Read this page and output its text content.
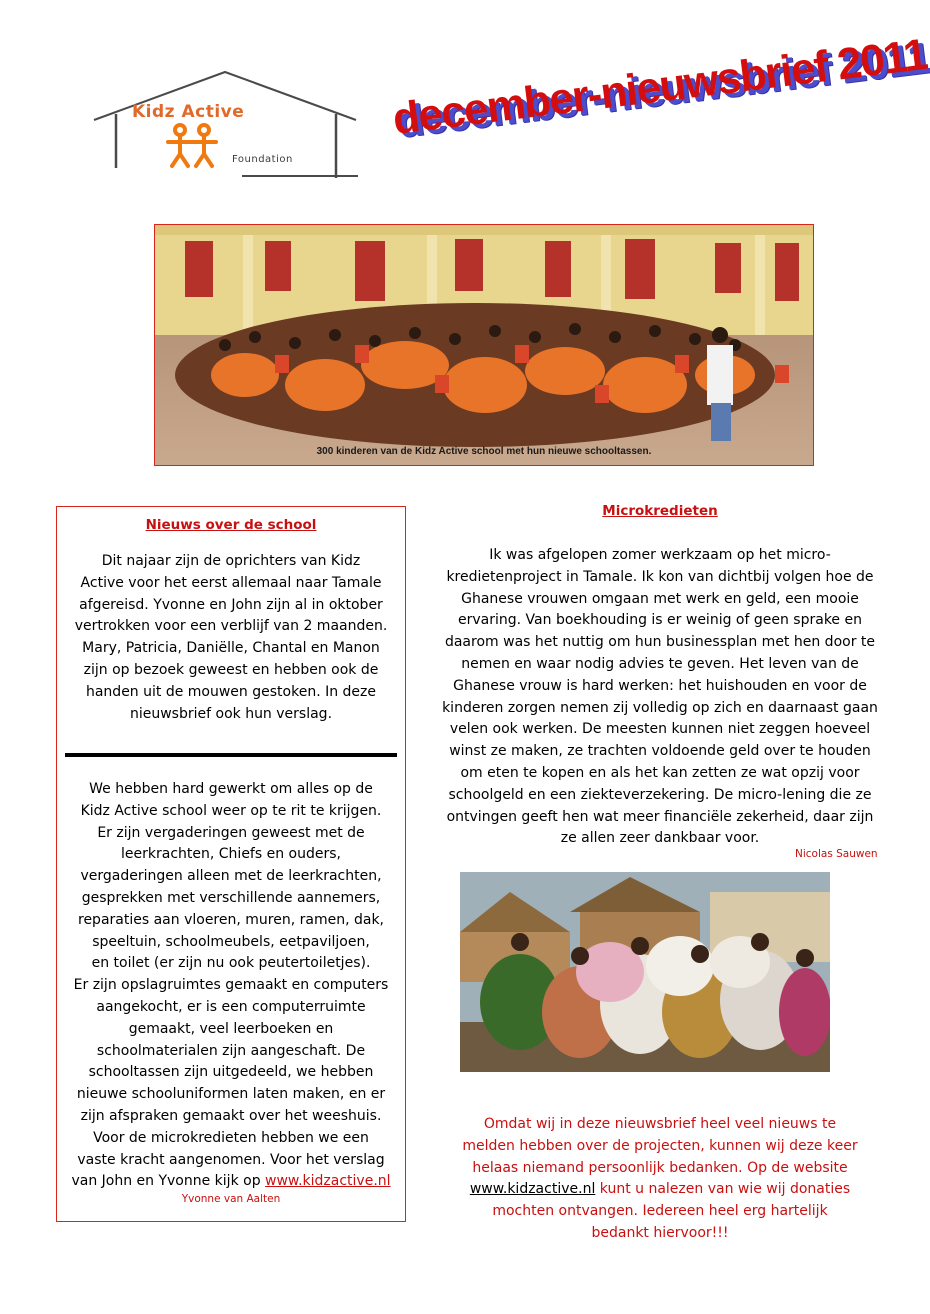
Kidz Active
Foundation
december-nieuwsbrief 2011
300 kinderen van de Kidz Active school met hun nieuwe schooltassen.
Nieuws over de school
Dit najaar zijn de oprichters van Kidz
Active voor het eerst allemaal naar Tamale
afgereisd. Yvonne en John zijn al in oktober
vertrokken voor een verblijf van 2 maanden.
Mary, Patricia, Daniëlle, Chantal en Manon
zijn op bezoek geweest en hebben ook de
handen uit de mouwen gestoken. In deze
nieuwsbrief ook hun verslag.
We hebben hard gewerkt om alles op de
Kidz Active school weer op te rit te krijgen.
Er zijn vergaderingen geweest met de
leerkrachten, Chiefs en ouders,
vergaderingen alleen met de leerkrachten,
gesprekken met verschillende aannemers,
reparaties aan vloeren, muren, ramen, dak,
speeltuin, schoolmeubels, eetpaviljoen,
en toilet (er zijn nu ook peutertoiletjes).
Er zijn opslagruimtes gemaakt en computers
aangekocht, er is een computerruimte
gemaakt, veel leerboeken en
schoolmaterialen zijn aangeschaft. De
schooltassen zijn uitgedeeld, we hebben
nieuwe schooluniformen laten maken, en er
zijn afspraken gemaakt over het weeshuis.
Voor de microkredieten hebben we een
vaste kracht aangenomen. Voor het verslag
van John en Yvonne kijk op www.kidzactive.nl
Yvonne van Aalten
Microkredieten
Ik was afgelopen zomer werkzaam op het micro-
kredietenproject in Tamale. Ik kon van dichtbij volgen hoe de
Ghanese vrouwen omgaan met werk en geld, een mooie
ervaring. Van boekhouding is er weinig of geen sprake en
daarom was het nuttig om hun businessplan met hen door te
nemen en waar nodig advies te geven. Het leven van de
Ghanese vrouw is hard werken: het huishouden en voor de
kinderen zorgen nemen zij volledig op zich en daarnaast gaan
velen ook werken. De meesten kunnen niet zeggen hoeveel
winst ze maken, ze trachten voldoende geld over te houden
om eten te kopen en als het kan zetten ze wat opzij voor
schoolgeld en een ziekteverzekering. De micro-lening die ze
ontvingen geeft hen wat meer financiële zekerheid, daar zijn
ze allen zeer dankbaar voor.
Nicolas Sauwen
Omdat wij in deze nieuwsbrief heel veel nieuws te
melden hebben over de projecten, kunnen wij deze keer
helaas niemand persoonlijk bedanken. Op de website
www.kidzactive.nl kunt u nalezen van wie wij donaties
mochten ontvangen. Iedereen heel erg hartelijk
bedankt hiervoor!!!
